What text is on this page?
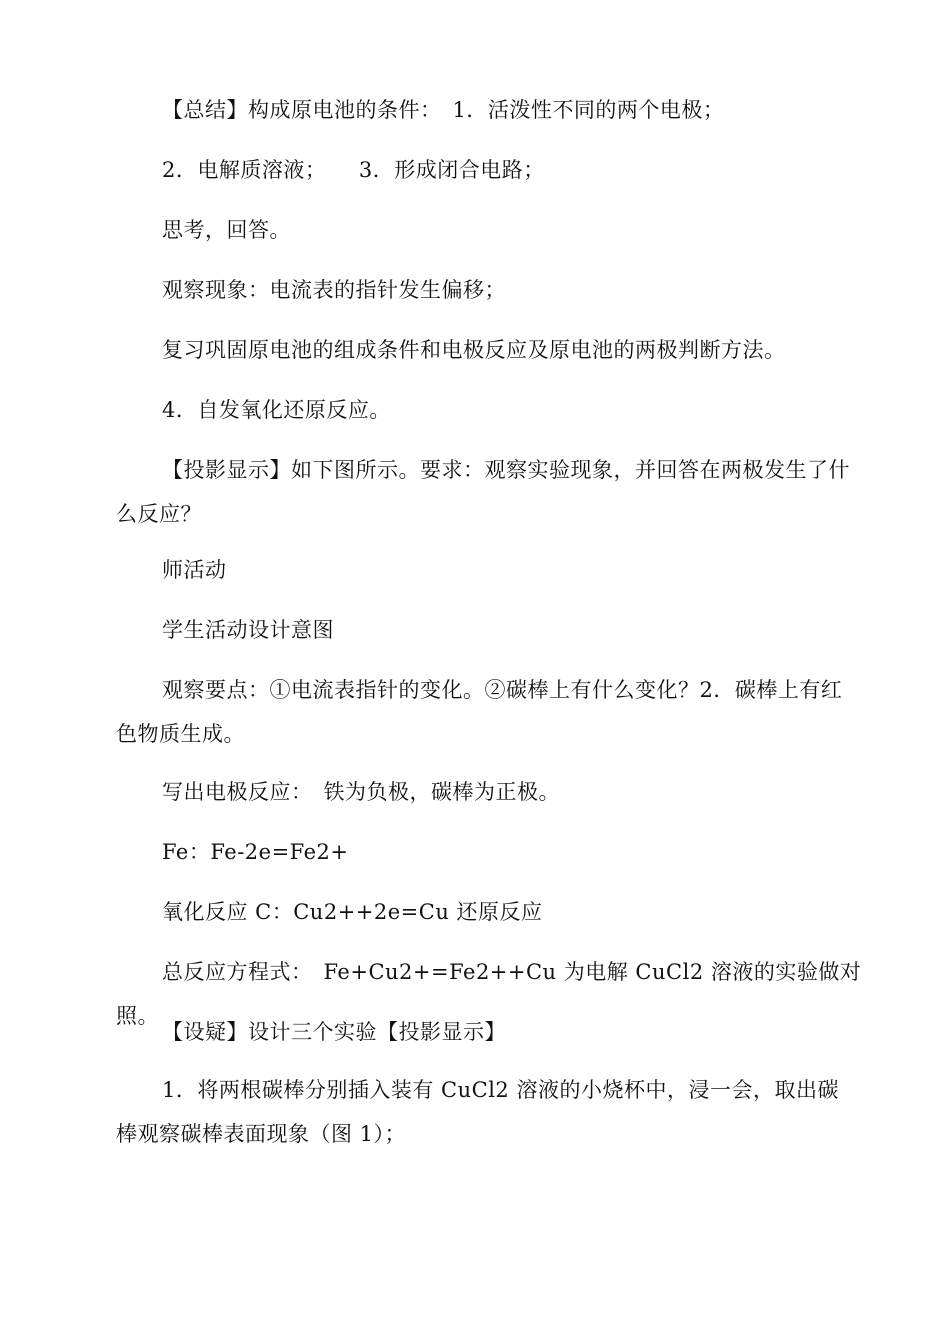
【总结】构成原电池的条件：　1．活泼性不同的两个电极；

2．电解质溶液；　　3．形成闭合电路；

思考，回答。

观察现象：电流表的指针发生偏移；

复习巩固原电池的组成条件和电极反应及原电池的两极判断方法。

4．自发氧化还原反应。

【投影显示】如下图所示。要求：观察实验现象，并回答在两极发生了什么反应？

师活动

学生活动设计意图

观察要点：①电流表指针的变化。②碳棒上有什么变化？2．碳棒上有红色物质生成。

写出电极反应：　铁为负极，碳棒为正极。

Fe：Fe-2e=Fe2+

氧化反应 C：Cu2++2e=Cu 还原反应

总反应方程式：　Fe+Cu2+=Fe2++Cu 为电解 CuCl2 溶液的实验做对照。

【设疑】设计三个实验【投影显示】

1．将两根碳棒分别插入装有 CuCl2 溶液的小烧杯中，浸一会，取出碳棒观察碳棒表面现象（图 1）；
